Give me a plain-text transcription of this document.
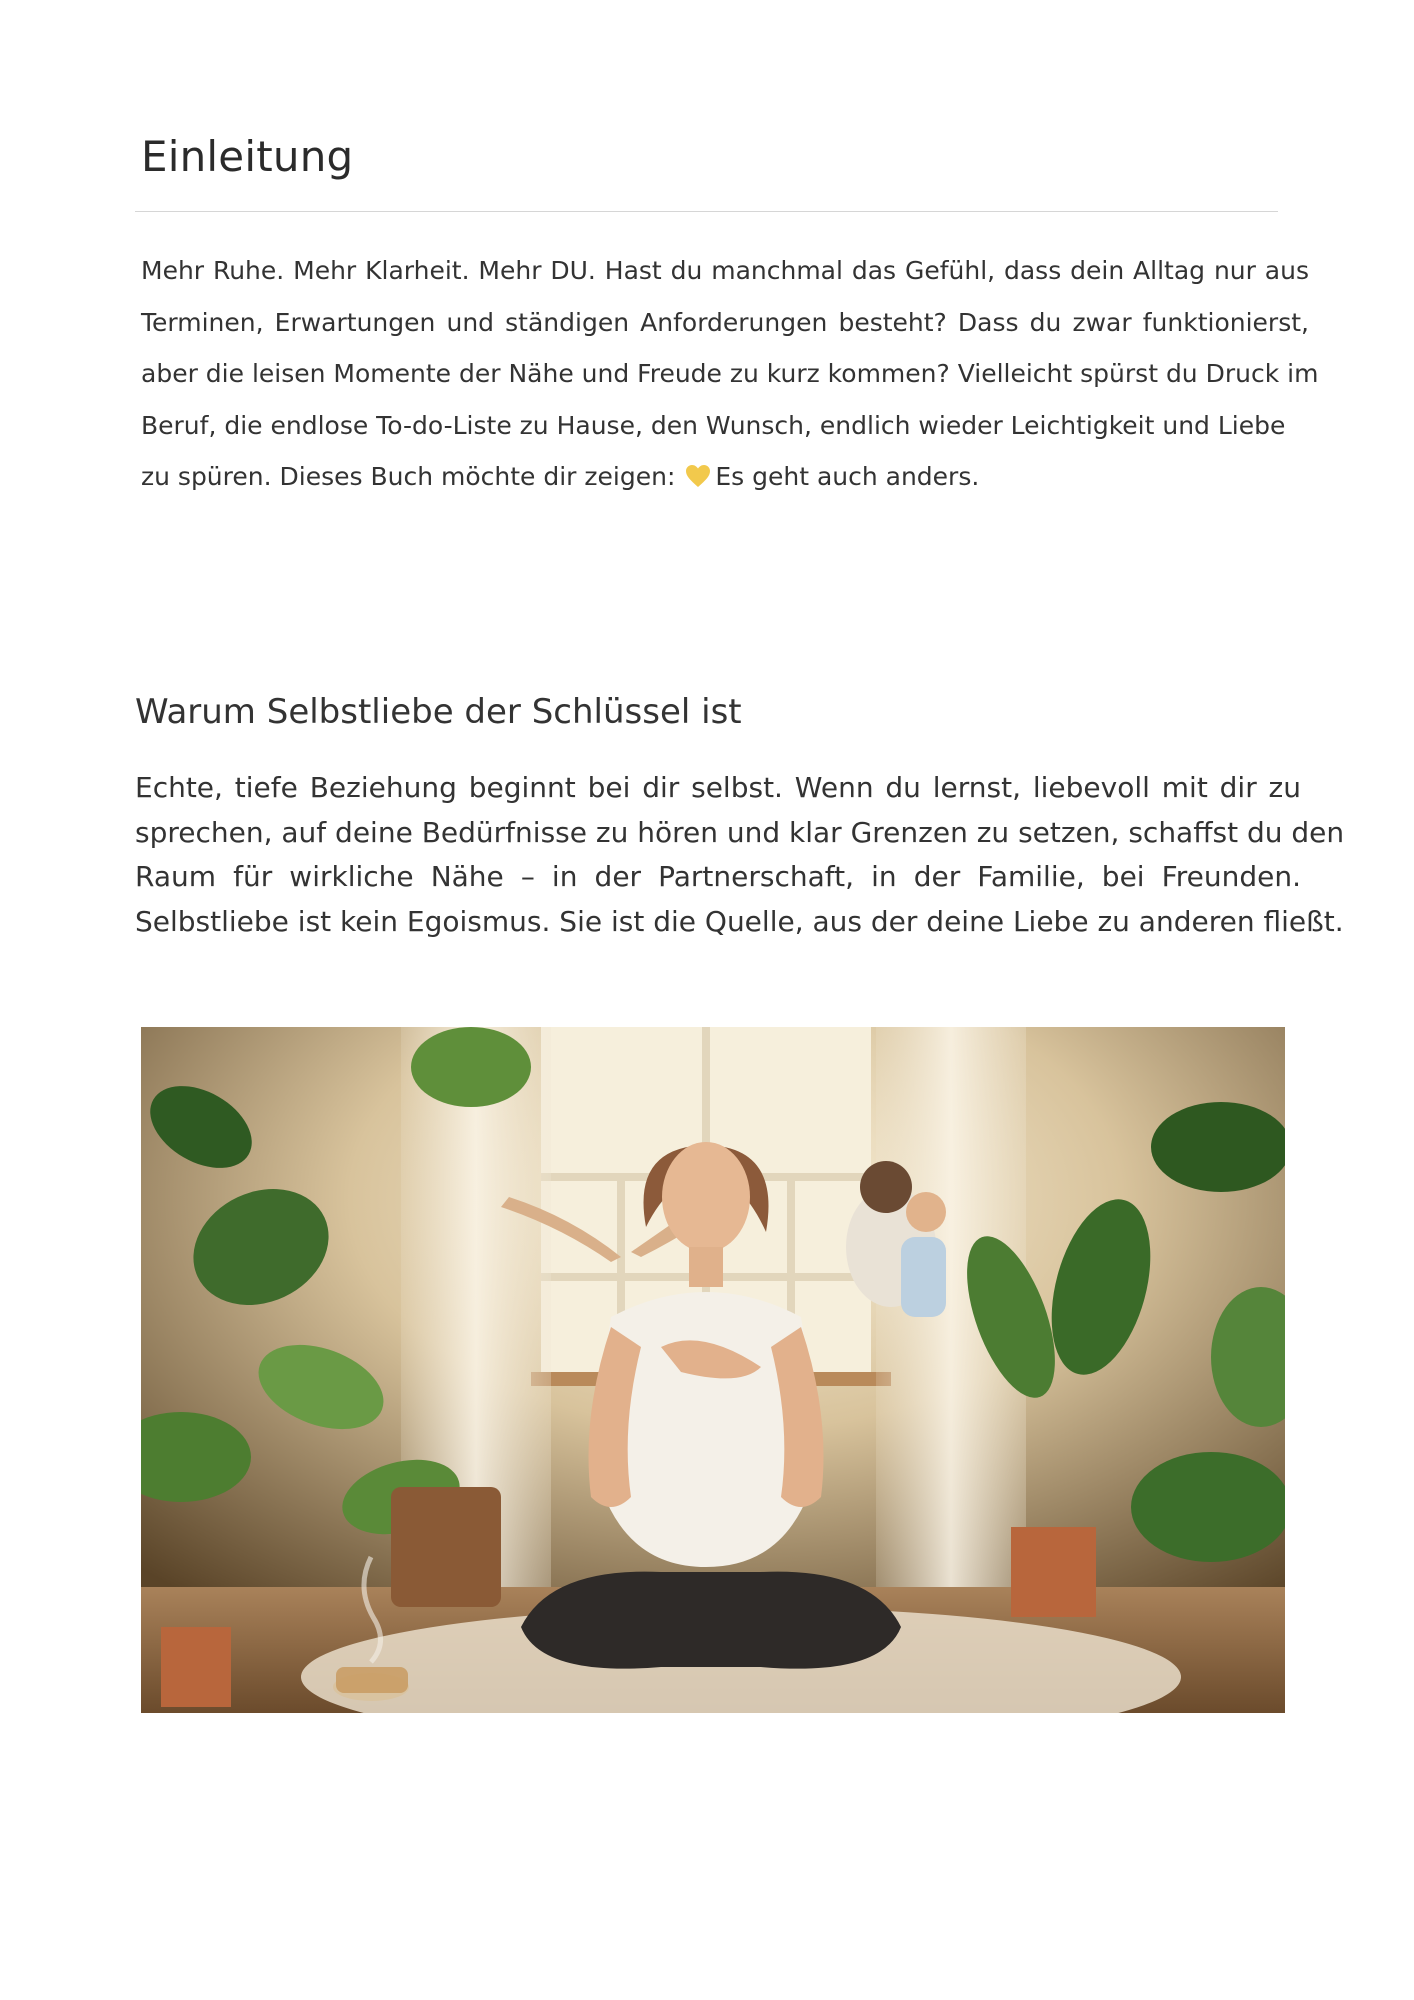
Einleitung

Mehr Ruhe. Mehr Klarheit. Mehr DU. Hast du manchmal das Gefühl, dass dein Alltag nur aus
Terminen, Erwartungen und ständigen Anforderungen besteht? Dass du zwar funktionierst,
aber die leisen Momente der Nähe und Freude zu kurz kommen? Vielleicht spürst du Druck im
Beruf, die endlose To-do-Liste zu Hause, den Wunsch, endlich wieder Leichtigkeit und Liebe
zu spüren. Dieses Buch möchte dir zeigen: Es geht auch anders.

Warum Selbstliebe der Schlüssel ist

Echte, tiefe Beziehung beginnt bei dir selbst. Wenn du lernst, liebevoll mit dir zu
sprechen, auf deine Bedürfnisse zu hören und klar Grenzen zu setzen, schaffst du den
Raum für wirkliche Nähe – in der Partnerschaft, in der Familie, bei Freunden.
Selbstliebe ist kein Egoismus. Sie ist die Quelle, aus der deine Liebe zu anderen fließt.
